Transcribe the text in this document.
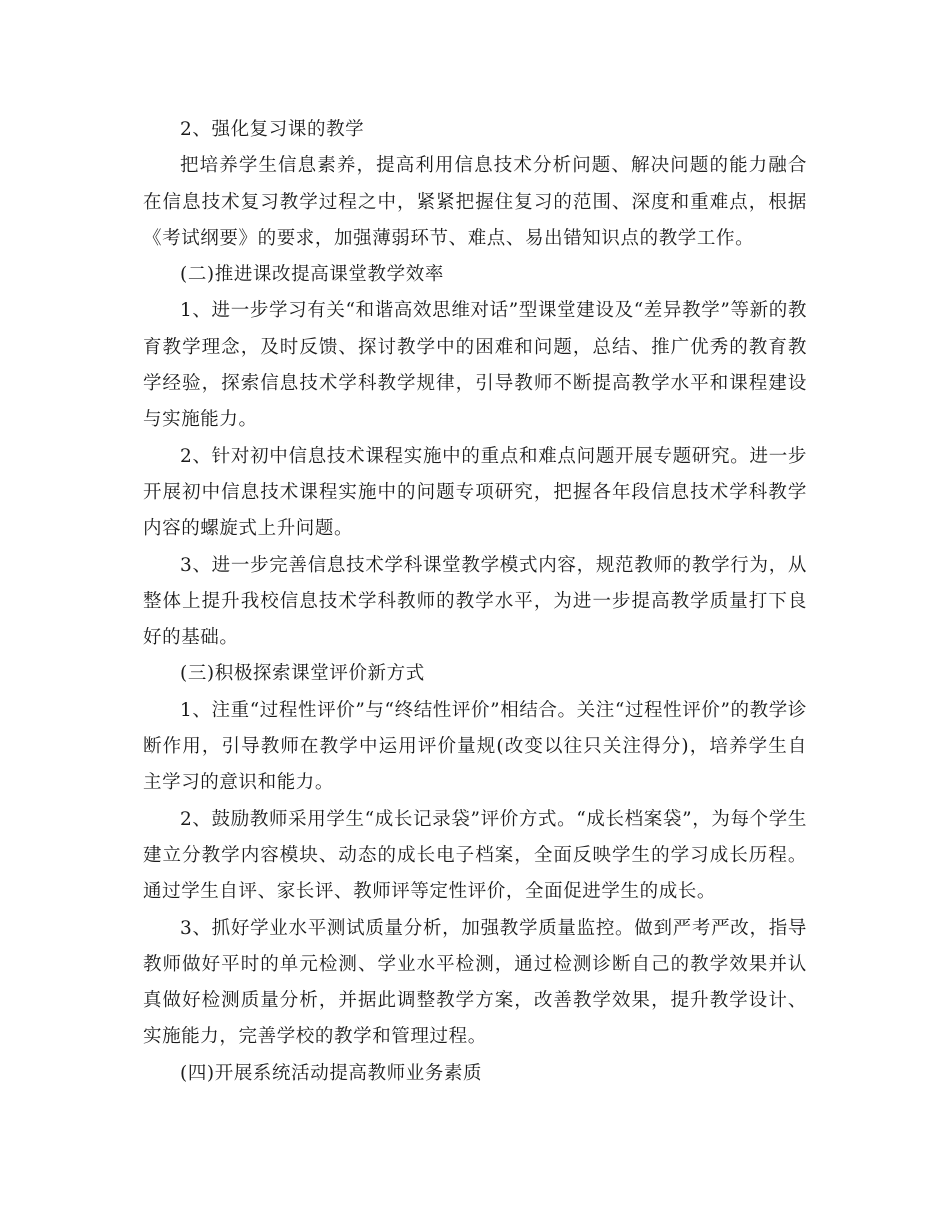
2、强化复习课的教学

把培养学生信息素养，提高利用信息技术分析问题、解决问题的能力融合在信息技术复习教学过程之中，紧紧把握住复习的范围、深度和重难点，根据《考试纲要》的要求，加强薄弱环节、难点、易出错知识点的教学工作。

(二)推进课改提高课堂教学效率

1、进一步学习有关“和谐高效思维对话”型课堂建设及“差异教学”等新的教育教学理念，及时反馈、探讨教学中的困难和问题，总结、推广优秀的教育教学经验，探索信息技术学科教学规律，引导教师不断提高教学水平和课程建设与实施能力。

2、针对初中信息技术课程实施中的重点和难点问题开展专题研究。进一步开展初中信息技术课程实施中的问题专项研究，把握各年段信息技术学科教学内容的螺旋式上升问题。

3、进一步完善信息技术学科课堂教学模式内容，规范教师的教学行为，从整体上提升我校信息技术学科教师的教学水平，为进一步提高教学质量打下良好的基础。

(三)积极探索课堂评价新方式

1、注重“过程性评价”与“终结性评价”相结合。关注“过程性评价”的教学诊断作用，引导教师在教学中运用评价量规(改变以往只关注得分)，培养学生自主学习的意识和能力。

2、鼓励教师采用学生“成长记录袋”评价方式。“成长档案袋”，为每个学生建立分教学内容模块、动态的成长电子档案，全面反映学生的学习成长历程。通过学生自评、家长评、教师评等定性评价，全面促进学生的成长。

3、抓好学业水平测试质量分析，加强教学质量监控。做到严考严改，指导教师做好平时的单元检测、学业水平检测，通过检测诊断自己的教学效果并认真做好检测质量分析，并据此调整教学方案，改善教学效果，提升教学设计、实施能力，完善学校的教学和管理过程。

(四)开展系统活动提高教师业务素质
